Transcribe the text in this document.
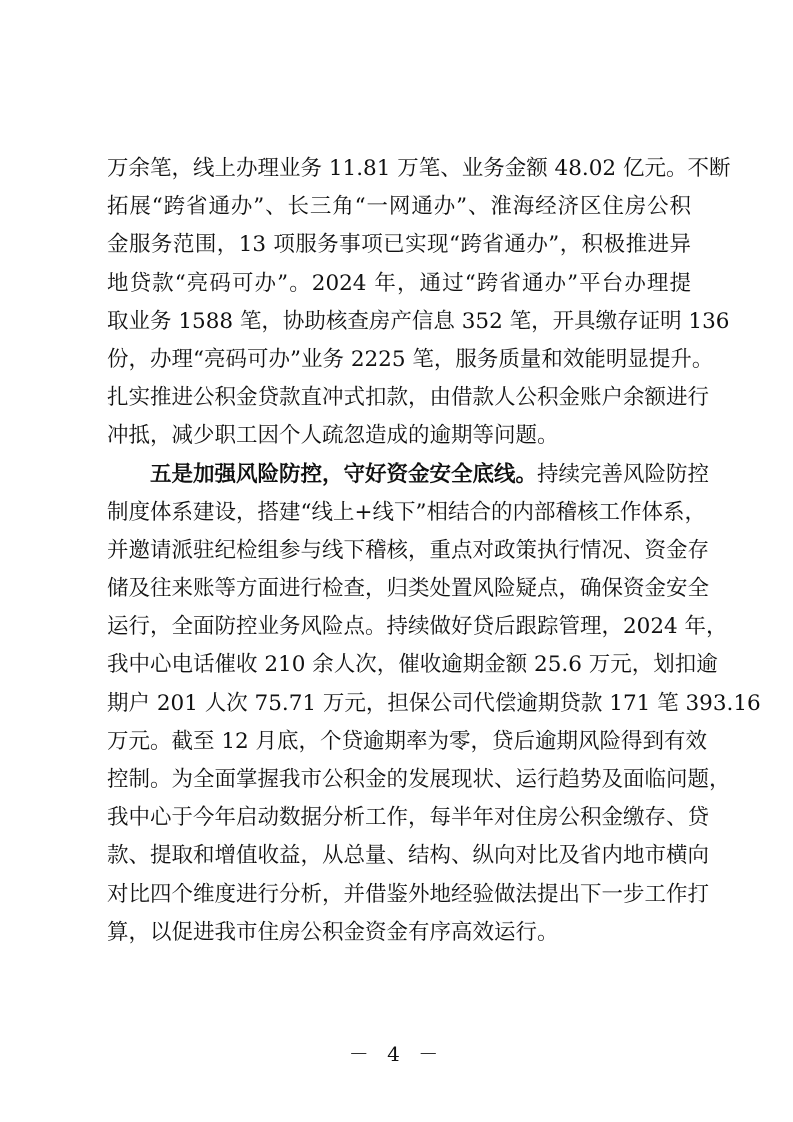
万余笔，线上办理业务 11.81 万笔、业务金额 48.02 亿元。不断
拓展“跨省通办”、长三角“一网通办”、淮海经济区住房公积
金服务范围，13 项服务事项已实现“跨省通办”，积极推进异
地贷款“亮码可办”。2024 年，通过“跨省通办”平台办理提
取业务 1588 笔，协助核查房产信息 352 笔，开具缴存证明 136
份，办理“亮码可办”业务 2225 笔，服务质量和效能明显提升。
扎实推进公积金贷款直冲式扣款，由借款人公积金账户余额进行
冲抵，减少职工因个人疏忽造成的逾期等问题。
五是加强风险防控，守好资金安全底线。持续完善风险防控
制度体系建设，搭建“线上+线下”相结合的内部稽核工作体系，
并邀请派驻纪检组参与线下稽核，重点对政策执行情况、资金存
储及往来账等方面进行检查，归类处置风险疑点，确保资金安全
运行，全面防控业务风险点。持续做好贷后跟踪管理，2024 年，
我中心电话催收 210 余人次，催收逾期金额 25.6 万元，划扣逾
期户 201 人次 75.71 万元，担保公司代偿逾期贷款 171 笔 393.16
万元。截至 12 月底，个贷逾期率为零，贷后逾期风险得到有效
控制。为全面掌握我市公积金的发展现状、运行趋势及面临问题，
我中心于今年启动数据分析工作，每半年对住房公积金缴存、贷
款、提取和增值收益，从总量、结构、纵向对比及省内地市横向
对比四个维度进行分析，并借鉴外地经验做法提出下一步工作打
算，以促进我市住房公积金资金有序高效运行。
－ 4 －
